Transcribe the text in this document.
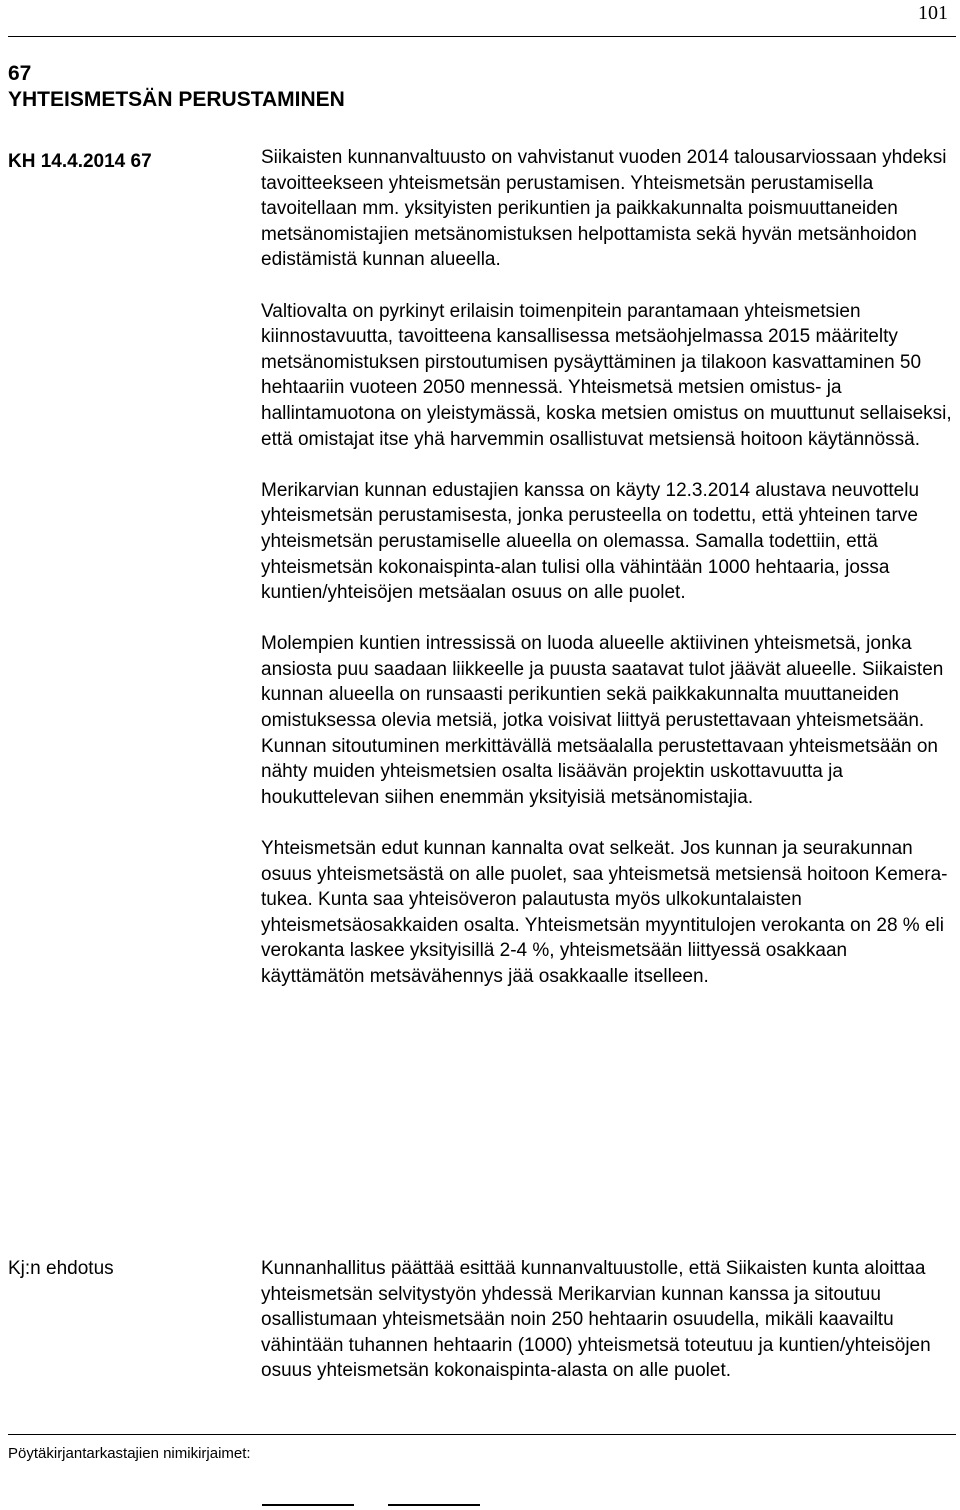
101
67
YHTEISMETSÄN PERUSTAMINEN
KH 14.4.2014 67	Siikaisten kunnanvaltuusto on vahvistanut vuoden 2014 talousarviossaan yhdeksi tavoitteekseen yhteismetsän perustamisen. Yhteismetsän perustamisella tavoitellaan mm. yksityisten perikuntien ja paikkakunnalta poismuuttaneiden metsänomistajien metsänomistuksen helpottamista sekä hyvän metsänhoidon edistämistä kunnan alueella.

Valtiovalta on pyrkinyt erilaisin toimenpitein parantamaan yhteismetsien kiinnostavuutta, tavoitteena kansallisessa metsäohjelmassa 2015 määritelty metsänomistuksen pirstoutumisen pysäyttäminen ja tilakoon kasvattaminen 50 hehtaariin vuoteen 2050 mennessä. Yhteismetsä metsien omistus- ja hallintamuotona on yleistymässä, koska metsien omistus on muuttunut sellaiseksi, että omistajat itse yhä harvemmin osallistuvat metsiensä hoitoon käytännössä.

Merikarvian kunnan edustajien kanssa on käyty 12.3.2014 alustava neuvottelu yhteismetsän perustamisesta, jonka perusteella on todettu, että yhteinen tarve yhteismetsän perustamiselle alueella on olemassa. Samalla todettiin, että yhteismetsän kokonaispinta-alan tulisi olla vähintään 1000 hehtaaria, jossa kuntien/yhteisöjen metsäalan osuus on alle puolet.

Molempien kuntien intressissä on luoda alueelle aktiivinen yhteismetsä, jonka ansiosta puu saadaan liikkeelle ja puusta saatavat tulot jäävät alueelle. Siikaisten kunnan alueella on runsaasti perikuntien sekä paikkakunnalta muuttaneiden omistuksessa olevia metsiä, jotka voisivat liittyä perustettavaan yhteismetsään. Kunnan sitoutuminen merkittävällä metsäalalla perustettavaan yhteismetsään on nähty muiden yhteismetsien osalta lisäävän projektin uskottavuutta ja houkuttelevan siihen enemmän yksityisiä metsänomistajia.

Yhteismetsän edut kunnan kannalta ovat selkeät. Jos kunnan ja seurakunnan osuus yhteismetsästä on alle puolet, saa yhteismetsä metsiensä hoitoon Kemera-tukea. Kunta saa yhteisöveron palautusta myös ulkokuntalaisten yhteismetsäosakkaiden osalta. Yhteismetsän myyntitulojen verokanta on 28 % eli verokanta laskee yksityisillä 2-4 %, yhteismetsään liittyessä osakkaan käyttämätön metsävähennys jää osakkaalle itselleen.

Kj:n ehdotus	Kunnanhallitus päättää esittää kunnanvaltuustolle, että Siikaisten kunta aloittaa yhteismetsän selvitystyön yhdessä Merikarvian kunnan kanssa ja sitoutuu osallistumaan yhteismetsään noin 250 hehtaarin osuudella, mikäli kaavailtu vähintään tuhannen hehtaarin (1000) yhteismetsä toteutuu ja kuntien/yhteisöjen osuus yhteismetsän kokonaispinta-alasta on alle puolet.
Pöytäkirjantarkastajien nimikirjaimet:
